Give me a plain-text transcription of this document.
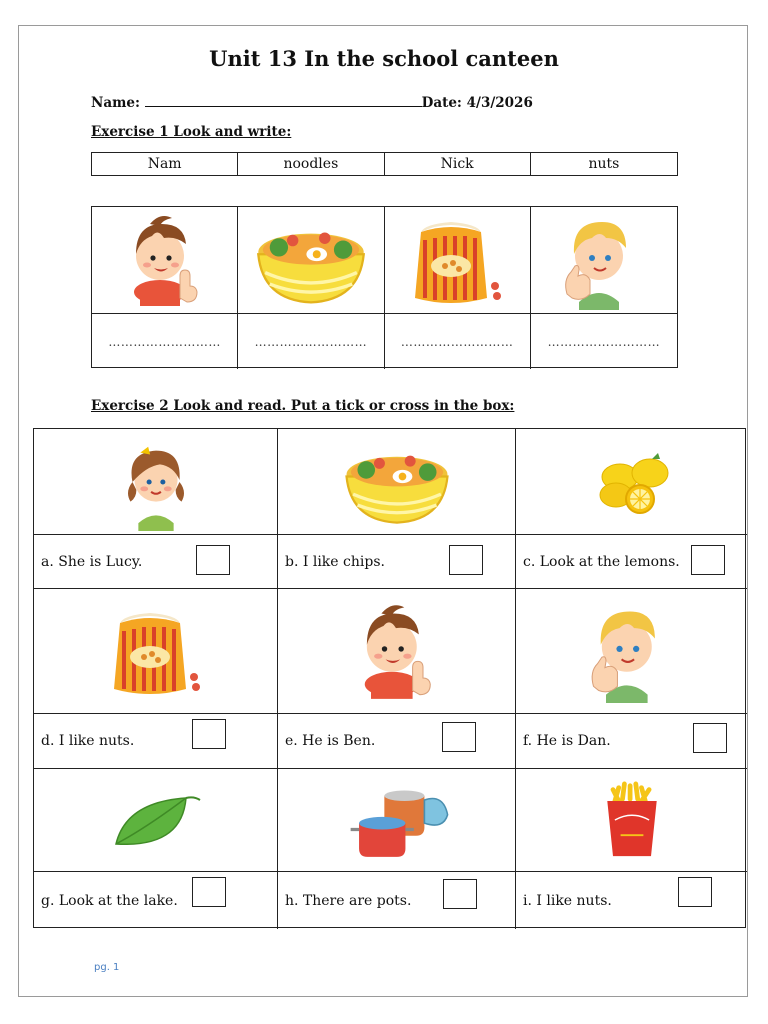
Unit 13 In the school canteen
Name:	Date: 4/3/2026
Exercise 1 Look and write:
Nam	noodles	Nick	nuts
………………………	………………………	………………………	………………………
Exercise 2 Look and read. Put a tick or cross in the box:
a. She is Lucy.	b. I like chips.	c. Look at the lemons.
d. I like nuts.	e. He is Ben.	f. He is Dan.
g. Look at the lake.	h. There are pots.	i. I like nuts.
pg. 1
